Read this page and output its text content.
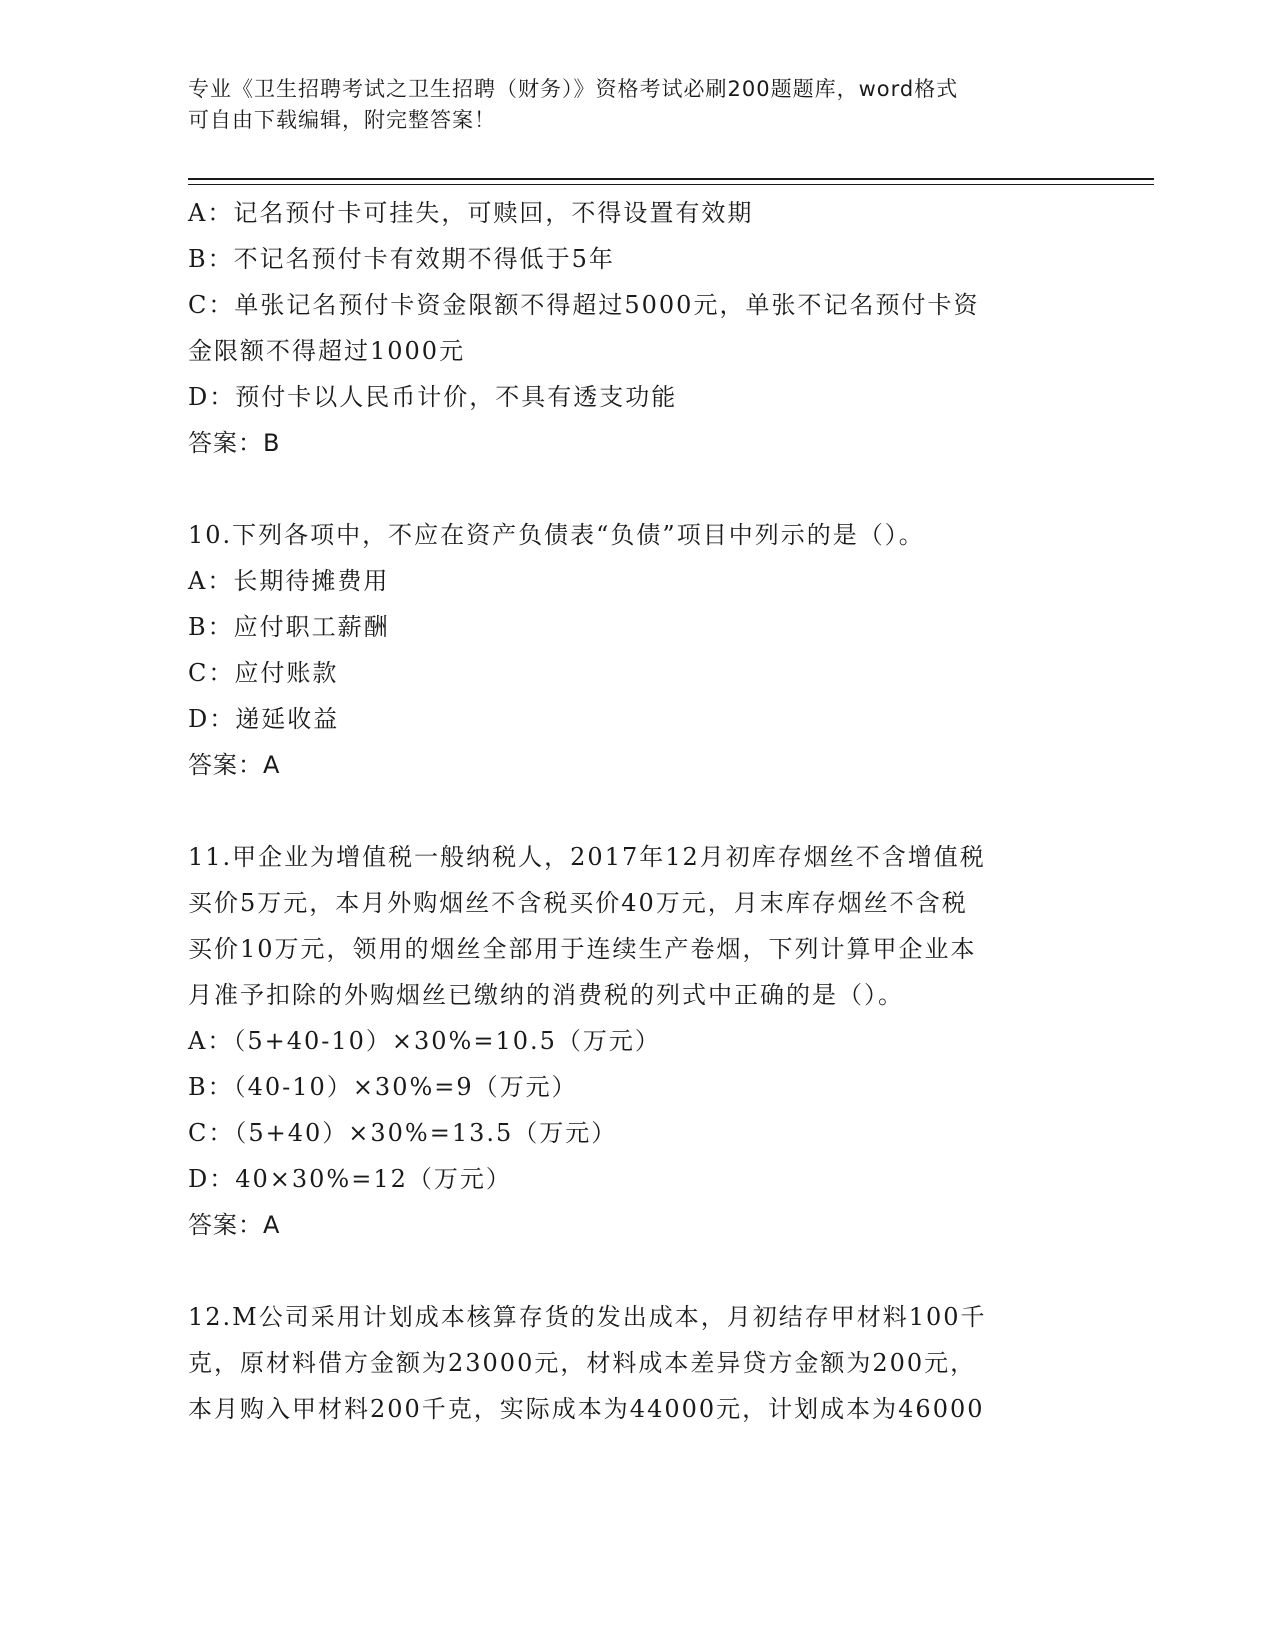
专业《卫生招聘考试之卫生招聘（财务）》资格考试必刷200题题库，word格式
可自由下载编辑，附完整答案！
A：记名预付卡可挂失，可赎回，不得设置有效期
B：不记名预付卡有效期不得低于5年
C：单张记名预付卡资金限额不得超过5000元，单张不记名预付卡资
金限额不得超过1000元
D：预付卡以人民币计价，不具有透支功能
答案：B
10.下列各项中，不应在资产负债表“负债”项目中列示的是（）。
A：长期待摊费用
B：应付职工薪酬
C：应付账款
D：递延收益
答案：A
11.甲企业为增值税一般纳税人，2017年12月初库存烟丝不含增值税
买价5万元，本月外购烟丝不含税买价40万元，月末库存烟丝不含税
买价10万元，领用的烟丝全部用于连续生产卷烟，下列计算甲企业本
月准予扣除的外购烟丝已缴纳的消费税的列式中正确的是（）。
A：（5+40-10）×30%=10.5（万元）
B：（40-10）×30%=9（万元）
C：（5+40）×30%=13.5（万元）
D：40×30%=12（万元）
答案：A
12.M公司采用计划成本核算存货的发出成本，月初结存甲材料100千
克，原材料借方金额为23000元，材料成本差异贷方金额为200元，
本月购入甲材料200千克，实际成本为44000元，计划成本为46000
